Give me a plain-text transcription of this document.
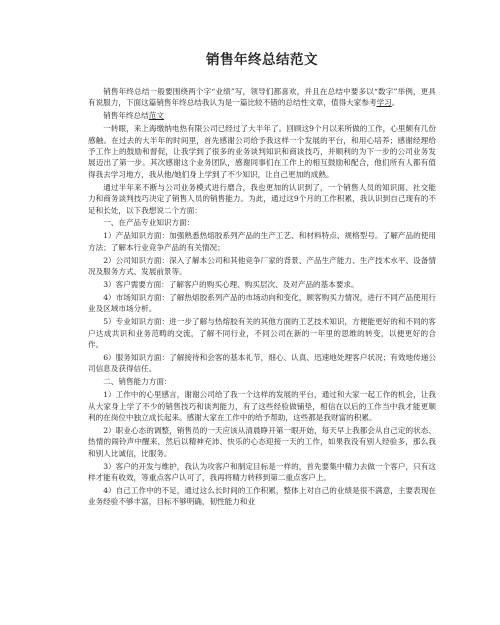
销售年终总结范文

销售年终总结一般要围绕两个字“业绩”写，领导们都喜欢，并且在总结中要多以“数字”举例，更具有说服力，下面这篇销售年终总结我认为是一篇比较不错的总结性文章，值得大家参考学习。

销售年终总结范文

一转眼，来上海缴纳电热有限公司已经过了大半年了。回顾这9个月以来所做的工作，心里颇有几份感触。在过去的大半年的时间里，首先感谢公司给予我这样一个发展的平台，和用心培养；感谢经理给予工作上的鼓励和督促，让我学到了很多的业务谈判知识和商谈技巧，并顺利的为下一步的公司业务发展迈出了第一步。其次感谢这个业务团队，感谢同事们在工作上的相互鼓励和配合，他们所有人都有值得我去学习地方，我从他/她们身上学到了不少知识，让自己更加的成熟。

通过半年来不断与公司业务模式进行磨合，我也更加的认识到了，一个销售人员的知识面、社交能力和商务谈判技巧决定了销售人员的销售能力。为此，通过这9个月的工作积累，我认识到自己现有的不足和长处，以下我想说二个方面：

一、在产品专业知识方面：

1）产品知识方面：加强熟悉热熔胶系列产品的生产工艺、和材料特点、规格型号。了解产品的使用方法；了解本行业竞争产品的有关情况；

2）公司知识方面：深入了解本公司和其他竞争厂家的背景、产品生产能力、生产技术水平、设备情况及服务方式、发展前景等。

3）客户需要方面：了解客户的购买心理、购买层次、及对产品的基本要求。

4）市场知识方面：了解热熔胶系列产品的市场动向和变化，顾客购买力情况，进行不同产品使用行业及区域市场分析。

5）专业知识方面：进一步了解与热熔胶有关的其他方面的工艺技术知识，方便能更好的和不同的客户达成共识和业务范畴的交流，了解不同行业，不同公司在新的一年里的思维的转变，以便更好的合作。

6）服务知识方面：了解接待和会客的基本礼节，细心、认真、迅速地处理客户状况；有效地传递公司信息及获得信任。

二、销售能力方面：

1）工作中的心里感言，谢谢公司给了我一个这样的发展的平台，通过和大家一起工作的机会，让我从大家身上学了不少的销售技巧和谈判能力，有了这些经验做铺垫，相信在以后的工作当中我才能更顺利的在岗位中独立成长起来。感谢大家在工作中的给予帮助，这些都是我财富的积累。

2）职业心态的调整，销售员的一天应该从清晨睁开第一眼开始，每天早上我都会从自己定的状态、热情的闹铃声中醒来，然后以精神充沛、快乐的心态迎接一天的工作，如果我没有别人经验多，那么我和别人比诚信，比服务。

3）客户的开发与维护，我认为攻客户和制定目标是一样的，首先要集中精力去做一个客户，只有这样才能有收效，等重点客户认可了，我再将精力转移到第二重点客户上。

4）自己工作中的不足，通过这么长时间的工作积累，整体上对自己的业绩是很不满意，主要表现在业务经验不够丰富，目标不够明确，韧性能力和业
